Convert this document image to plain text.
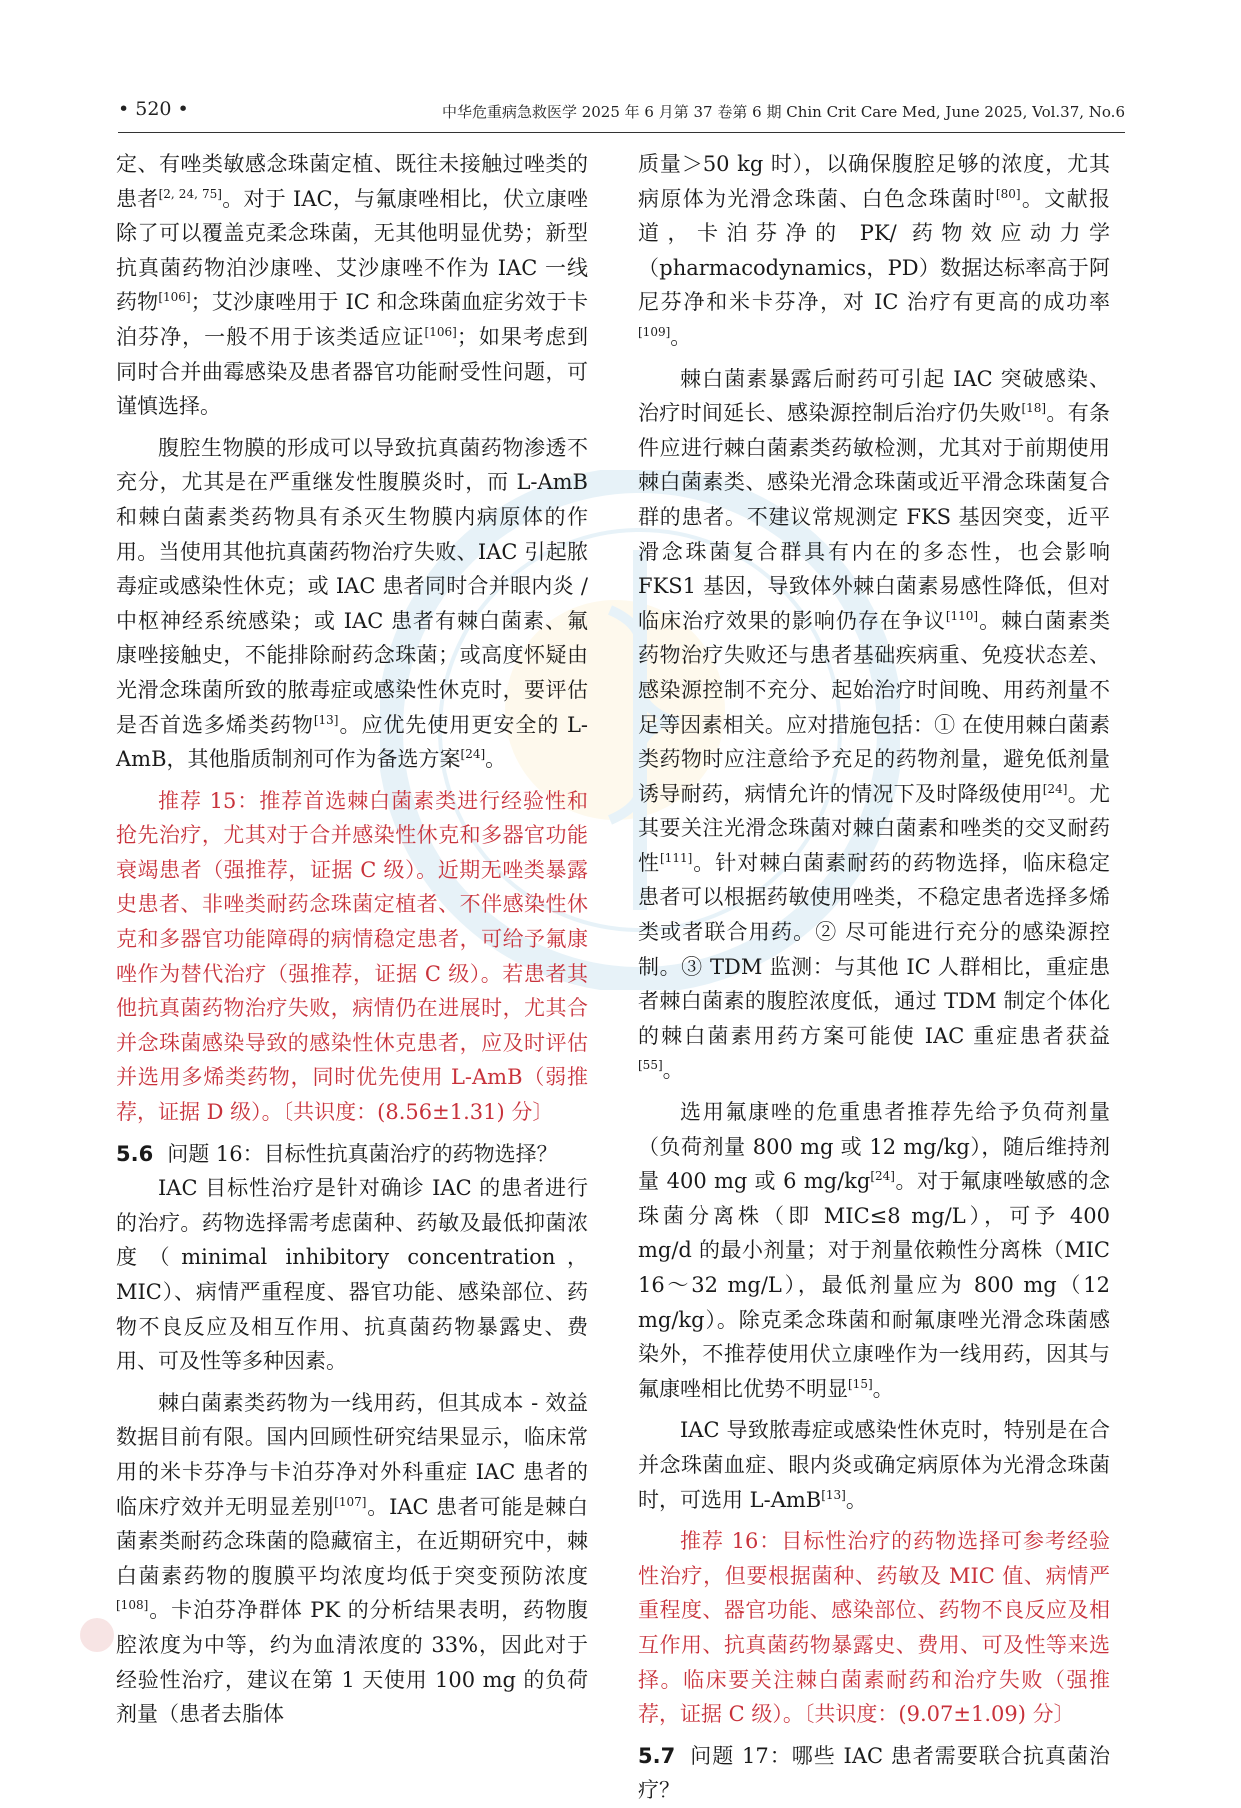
• 520 •	中华危重病急救医学 2025 年 6 月第 37 卷第 6 期 Chin Crit Care Med, June 2025, Vol.37, No.6

定、有唑类敏感念珠菌定植、既往未接触过唑类的患者[2, 24, 75]。对于 IAC，与氟康唑相比，伏立康唑除了可以覆盖克柔念珠菌，无其他明显优势；新型抗真菌药物泊沙康唑、艾沙康唑不作为 IAC 一线药物[106]；艾沙康唑用于 IC 和念珠菌血症劣效于卡泊芬净，一般不用于该类适应证[106]；如果考虑到同时合并曲霉感染及患者器官功能耐受性问题，可谨慎选择。

腹腔生物膜的形成可以导致抗真菌药物渗透不充分，尤其是在严重继发性腹膜炎时，而 L-AmB 和棘白菌素类药物具有杀灭生物膜内病原体的作用。当使用其他抗真菌药物治疗失败、IAC 引起脓毒症或感染性休克；或 IAC 患者同时合并眼内炎 / 中枢神经系统感染；或 IAC 患者有棘白菌素、氟康唑接触史，不能排除耐药念珠菌；或高度怀疑由光滑念珠菌所致的脓毒症或感染性休克时，要评估是否首选多烯类药物[13]。应优先使用更安全的 L-AmB，其他脂质制剂可作为备选方案[24]。

推荐 15：推荐首选棘白菌素类进行经验性和抢先治疗，尤其对于合并感染性休克和多器官功能衰竭患者（强推荐，证据 C 级）。近期无唑类暴露史患者、非唑类耐药念珠菌定植者、不伴感染性休克和多器官功能障碍的病情稳定患者，可给予氟康唑作为替代治疗（强推荐，证据 C 级）。若患者其他抗真菌药物治疗失败，病情仍在进展时，尤其合并念珠菌感染导致的感染性休克患者，应及时评估并选用多烯类药物，同时优先使用 L-AmB（弱推荐，证据 D 级）。〔共识度：(8.56±1.31) 分〕

5.6 问题 16：目标性抗真菌治疗的药物选择？

IAC 目标性治疗是针对确诊 IAC 的患者进行的治疗。药物选择需考虑菌种、药敏及最低抑菌浓度（minimal inhibitory concentration，MIC）、病情严重程度、器官功能、感染部位、药物不良反应及相互作用、抗真菌药物暴露史、费用、可及性等多种因素。

棘白菌素类药物为一线用药，但其成本 - 效益数据目前有限。国内回顾性研究结果显示，临床常用的米卡芬净与卡泊芬净对外科重症 IAC 患者的临床疗效并无明显差别[107]。IAC 患者可能是棘白菌素类耐药念珠菌的隐藏宿主，在近期研究中，棘白菌素药物的腹膜平均浓度均低于突变预防浓度[108]。卡泊芬净群体 PK 的分析结果表明，药物腹腔浓度为中等，约为血清浓度的 33%，因此对于经验性治疗，建议在第 1 天使用 100 mg 的负荷剂量（患者去脂体

质量＞50 kg 时），以确保腹腔足够的浓度，尤其病原体为光滑念珠菌、白色念珠菌时[80]。文献报道，卡泊芬净的 PK/ 药物效应动力学（pharmacodynamics，PD）数据达标率高于阿尼芬净和米卡芬净，对 IC 治疗有更高的成功率[109]。

棘白菌素暴露后耐药可引起 IAC 突破感染、治疗时间延长、感染源控制后治疗仍失败[18]。有条件应进行棘白菌素类药敏检测，尤其对于前期使用棘白菌素类、感染光滑念珠菌或近平滑念珠菌复合群的患者。不建议常规测定 FKS 基因突变，近平滑念珠菌复合群具有内在的多态性，也会影响 FKS1 基因，导致体外棘白菌素易感性降低，但对临床治疗效果的影响仍存在争议[110]。棘白菌素类药物治疗失败还与患者基础疾病重、免疫状态差、感染源控制不充分、起始治疗时间晚、用药剂量不足等因素相关。应对措施包括：① 在使用棘白菌素类药物时应注意给予充足的药物剂量，避免低剂量诱导耐药，病情允许的情况下及时降级使用[24]。尤其要关注光滑念珠菌对棘白菌素和唑类的交叉耐药性[111]。针对棘白菌素耐药的药物选择，临床稳定患者可以根据药敏使用唑类，不稳定患者选择多烯类或者联合用药。② 尽可能进行充分的感染源控制。③ TDM 监测：与其他 IC 人群相比，重症患者棘白菌素的腹腔浓度低，通过 TDM 制定个体化的棘白菌素用药方案可能使 IAC 重症患者获益[55]。

选用氟康唑的危重患者推荐先给予负荷剂量（负荷剂量 800 mg 或 12 mg/kg），随后维持剂量 400 mg 或 6 mg/kg[24]。对于氟康唑敏感的念珠菌分离株（即 MIC≤8 mg/L），可予 400 mg/d 的最小剂量；对于剂量依赖性分离株（MIC 16～32 mg/L），最低剂量应为 800 mg（12 mg/kg）。除克柔念珠菌和耐氟康唑光滑念珠菌感染外，不推荐使用伏立康唑作为一线用药，因其与氟康唑相比优势不明显[15]。

IAC 导致脓毒症或感染性休克时，特别是在合并念珠菌血症、眼内炎或确定病原体为光滑念珠菌时，可选用 L-AmB[13]。

推荐 16：目标性治疗的药物选择可参考经验性治疗，但要根据菌种、药敏及 MIC 值、病情严重程度、器官功能、感染部位、药物不良反应及相互作用、抗真菌药物暴露史、费用、可及性等来选择。临床要关注棘白菌素耐药和治疗失败（强推荐，证据 C 级）。〔共识度：(9.07±1.09) 分〕

5.7 问题 17：哪些 IAC 患者需要联合抗真菌治疗？
